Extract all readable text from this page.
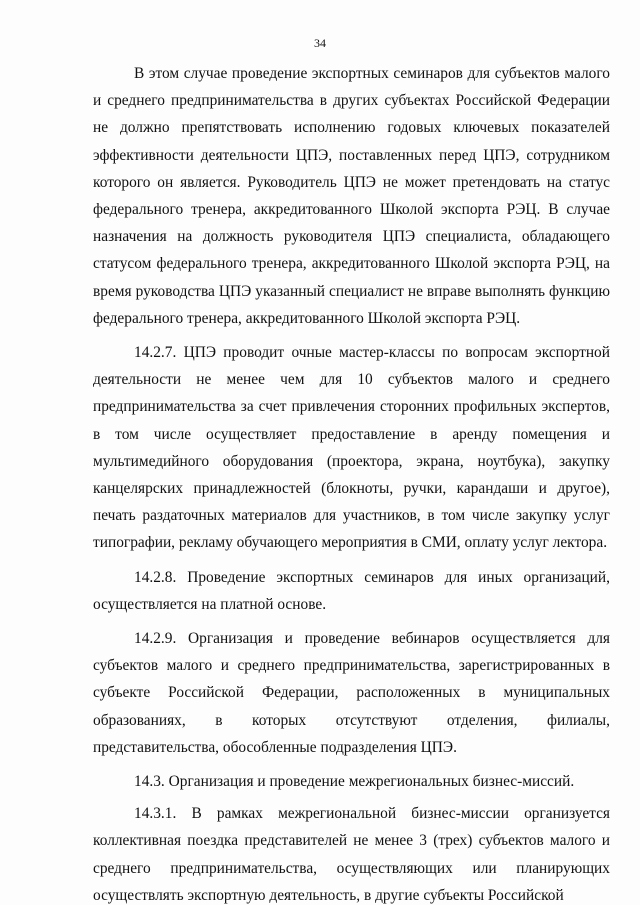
34

В этом случае проведение экспортных семинаров для субъектов малого и среднего предпринимательства в других субъектах Российской Федерации не должно препятствовать исполнению годовых ключевых показателей эффективности деятельности ЦПЭ, поставленных перед ЦПЭ, сотрудником которого он является. Руководитель ЦПЭ не может претендовать на статус федерального тренера, аккредитованного Школой экспорта РЭЦ. В случае назначения на должность руководителя ЦПЭ специалиста, обладающего статусом федерального тренера, аккредитованного Школой экспорта РЭЦ, на время руководства ЦПЭ указанный специалист не вправе выполнять функцию федерального тренера, аккредитованного Школой экспорта РЭЦ.

14.2.7. ЦПЭ проводит очные мастер-классы по вопросам экспортной деятельности не менее чем для 10 субъектов малого и среднего предпринимательства за счет привлечения сторонних профильных экспертов, в том числе осуществляет предоставление в аренду помещения и мультимедийного оборудования (проектора, экрана, ноутбука), закупку канцелярских принадлежностей (блокноты, ручки, карандаши и другое), печать раздаточных материалов для участников, в том числе закупку услуг типографии, рекламу обучающего мероприятия в СМИ, оплату услуг лектора.

14.2.8. Проведение экспортных семинаров для иных организаций, осуществляется на платной основе.

14.2.9. Организация и проведение вебинаров осуществляется для субъектов малого и среднего предпринимательства, зарегистрированных в субъекте Российской Федерации, расположенных в муниципальных образованиях, в которых отсутствуют отделения, филиалы, представительства, обособленные подразделения ЦПЭ.

14.3. Организация и проведение межрегиональных бизнес-миссий.

14.3.1. В рамках межрегиональной бизнес-миссии организуется коллективная поездка представителей не менее 3 (трех) субъектов малого и среднего предпринимательства, осуществляющих или планирующих осуществлять экспортную деятельность, в другие субъекты Российской
